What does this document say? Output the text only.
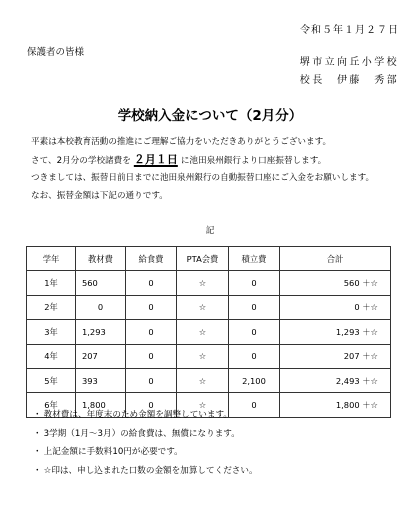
令和５年１月２７日
保護者の皆様
堺市立向丘小学校
校長　伊藤　秀部
学校納入金について（2月分）
平素は本校教育活動の推進にご理解ご協力をいただきありがとうございます。
さて、2月分の学校諸費を ２月１日 に池田泉州銀行より口座振替します。
つきましては、振替日前日までに池田泉州銀行の自動振替口座にご入金をお願いします。
なお、振替金額は下記の通りです。
記
学年	教材費	給食費	PTA会費	積立費	合計
1年	560	0	☆	0	560 ＋☆
2年	0	0	☆	0	0 ＋☆
3年	1,293	0	☆	0	1,293 ＋☆
4年	207	0	☆	0	207 ＋☆
5年	393	0	☆	2,100	2,493 ＋☆
6年	1,800	0	☆	0	1,800 ＋☆
・ 教材費は、年度末のため金額を調整しています。
・ 3学期（1月～3月）の給食費は、無償になります。
・ 上記金額に手数料10円が必要です。
・ ☆印は、申し込まれた口数の金額を加算してください。
